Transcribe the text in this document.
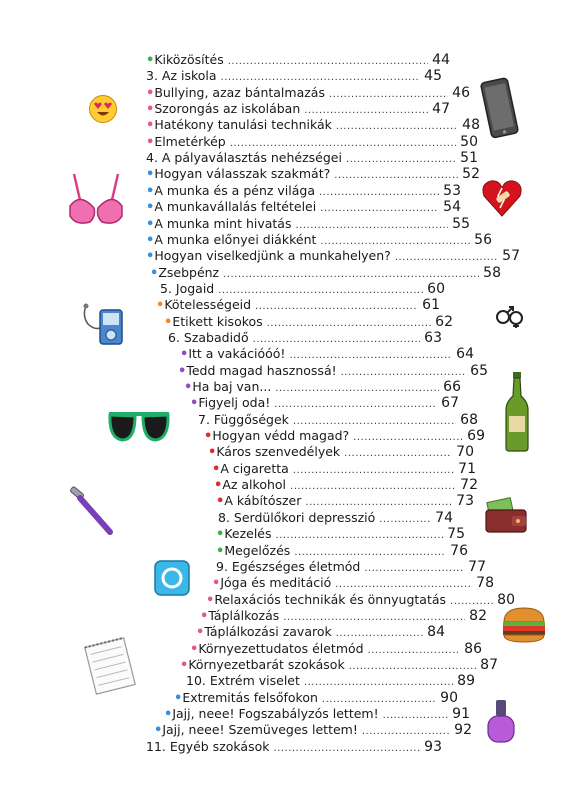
• Kiközösítés .....	44
3. Az iskola .....	45
• Bullying, azaz bántalmazás .....	46
• Szorongás az iskolában .....	47
• Hatékony tanulási technikák .....	48
• Elmetérkép .....	50
4. A pályaválasztás nehézségei .....	51
• Hogyan válasszak szakmát? .....	52
• A munka és a pénz világa .....	53
• A munkavállalás feltételei .....	54
• A munka mint hivatás .....	55
• A munka előnyei diákként .....	56
• Hogyan viselkedjünk a munkahelyen? .....	57
• Zsebpénz .....	58
5. Jogaid .....	60
• Kötelességeid .....	61
• Etikett kisokos .....	62
6. Szabadidő .....	63
• Itt a vakációóó! .....	64
• Tedd magad hasznossá! .....	65
• Ha baj van... .....	66
• Figyelj oda! .....	67
7. Függőségek .....	68
• Hogyan védd magad? .....	69
• Káros szenvedélyek .....	70
• A cigaretta .....	71
• Az alkohol .....	72
• A kábítószer .....	73
8. Serdülőkori depresszió .....	74
• Kezelés .....	75
• Megelőzés .....	76
9. Egészséges életmód .....	77
• Jóga és meditáció .....	78
• Relaxációs technikák és önnyugtatás .....	80
• Táplálkozás .....	82
• Táplálkozási zavarok .....	84
• Környezettudatos életmód .....	86
• Környezetbarát szokások .....	87
10. Extrém viselet .....	89
• Extremitás felsőfokon .....	90
• Jajj, neee! Fogszabályzós lettem! .....	91
• Jajj, neee! Szemüveges lettem! .....	92
11. Egyéb szokások .....	93
